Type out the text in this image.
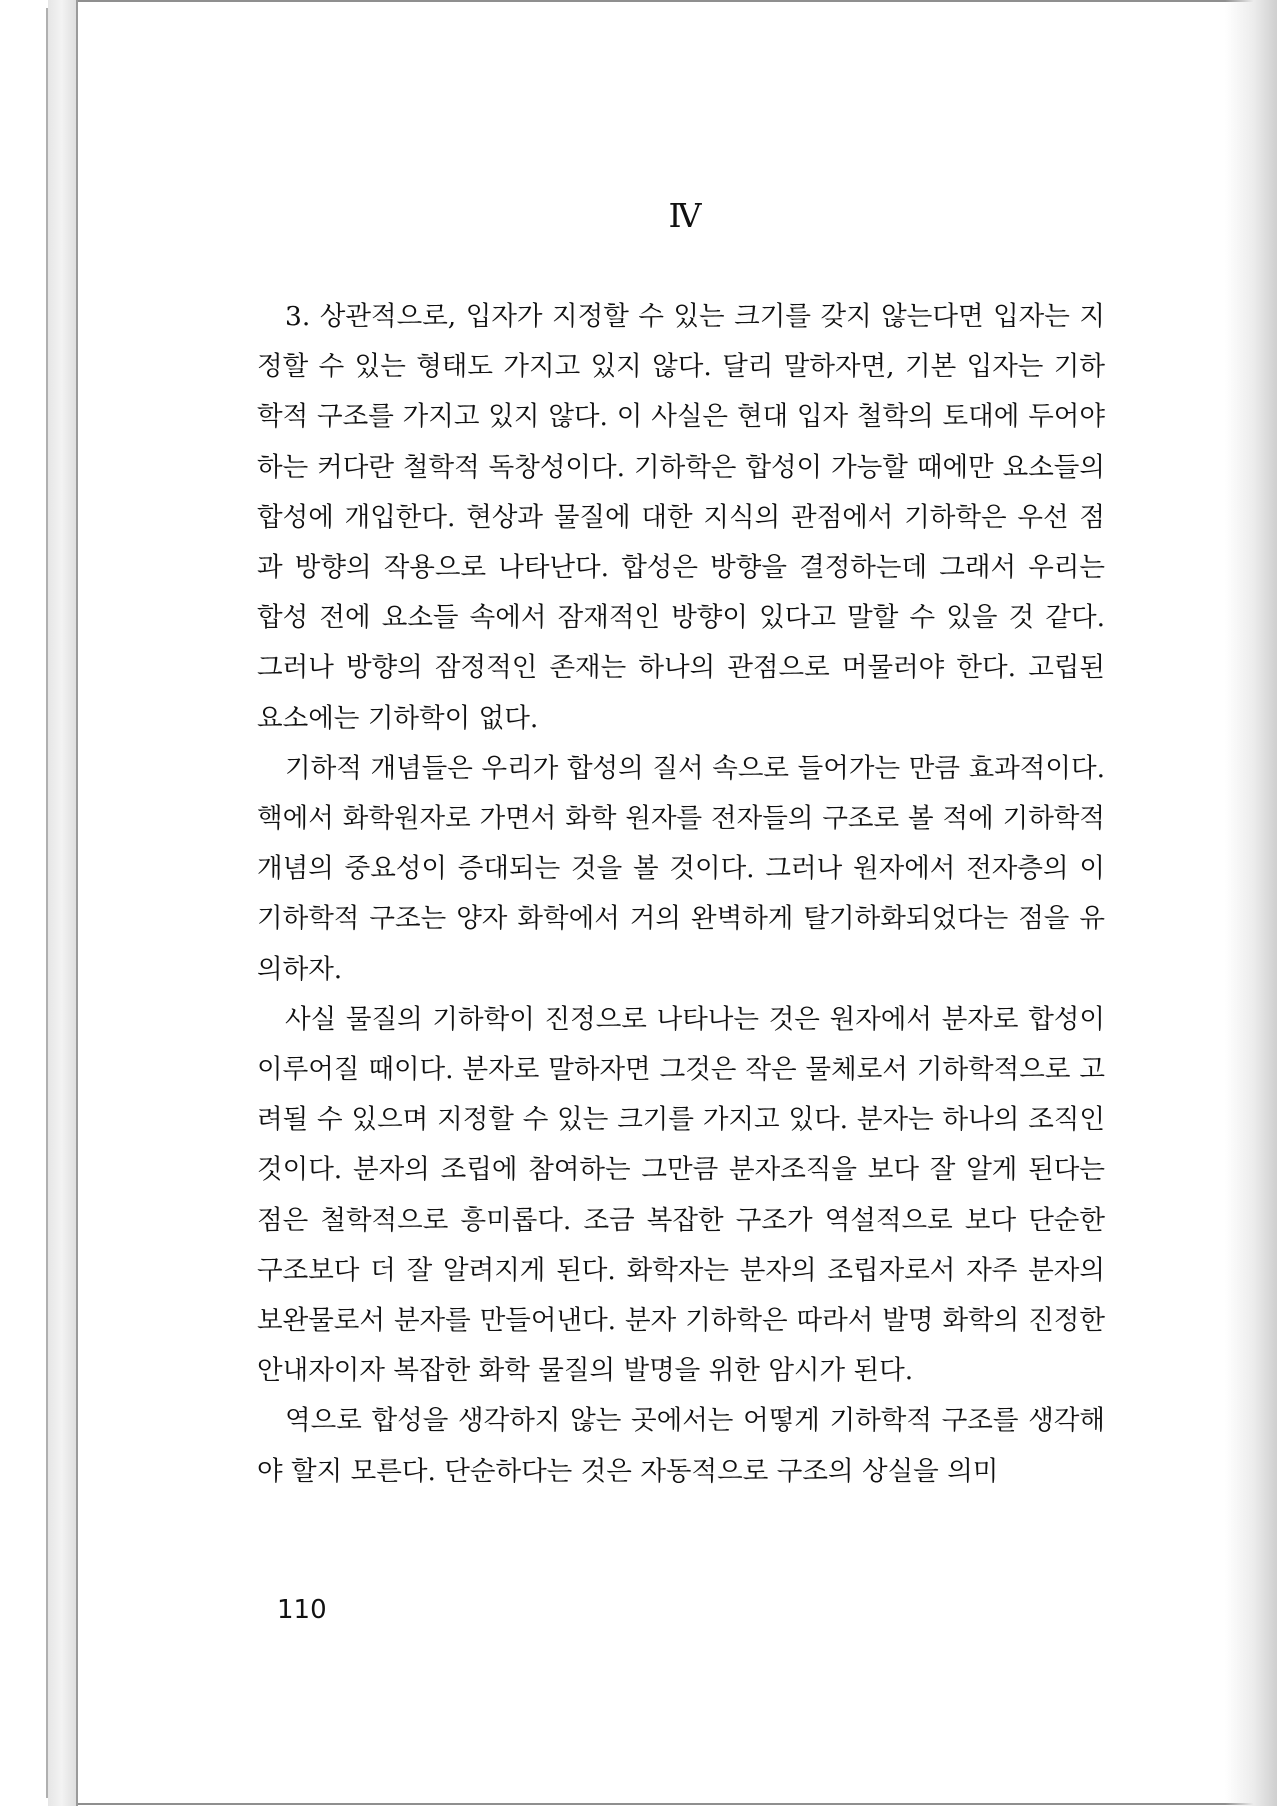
Ⅳ

3. 상관적으로, 입자가 지정할 수 있는 크기를 갖지 않는다면 입자는 지정할 수 있는 형태도 가지고 있지 않다. 달리 말하자면, 기본 입자는 기하학적 구조를 가지고 있지 않다. 이 사실은 현대 입자 철학의 토대에 두어야 하는 커다란 철학적 독창성이다. 기하학은 합성이 가능할 때에만 요소들의 합성에 개입한다. 현상과 물질에 대한 지식의 관점에서 기하학은 우선 점과 방향의 작용으로 나타난다. 합성은 방향을 결정하는데 그래서 우리는 합성 전에 요소들 속에서 잠재적인 방향이 있다고 말할 수 있을 것 같다. 그러나 방향의 잠정적인 존재는 하나의 관점으로 머물러야 한다. 고립된 요소에는 기하학이 없다.

기하적 개념들은 우리가 합성의 질서 속으로 들어가는 만큼 효과적이다. 핵에서 화학원자로 가면서 화학 원자를 전자들의 구조로 볼 적에 기하학적 개념의 중요성이 증대되는 것을 볼 것이다. 그러나 원자에서 전자층의 이 기하학적 구조는 양자 화학에서 거의 완벽하게 탈기하화되었다는 점을 유의하자.

사실 물질의 기하학이 진정으로 나타나는 것은 원자에서 분자로 합성이 이루어질 때이다. 분자로 말하자면 그것은 작은 물체로서 기하학적으로 고려될 수 있으며 지정할 수 있는 크기를 가지고 있다. 분자는 하나의 조직인 것이다. 분자의 조립에 참여하는 그만큼 분자조직을 보다 잘 알게 된다는 점은 철학적으로 흥미롭다. 조금 복잡한 구조가 역설적으로 보다 단순한 구조보다 더 잘 알려지게 된다. 화학자는 분자의 조립자로서 자주 분자의 보완물로서 분자를 만들어낸다. 분자 기하학은 따라서 발명 화학의 진정한 안내자이자 복잡한 화학 물질의 발명을 위한 암시가 된다.

역으로 합성을 생각하지 않는 곳에서는 어떻게 기하학적 구조를 생각해야 할지 모른다. 단순하다는 것은 자동적으로 구조의 상실을 의미

110
